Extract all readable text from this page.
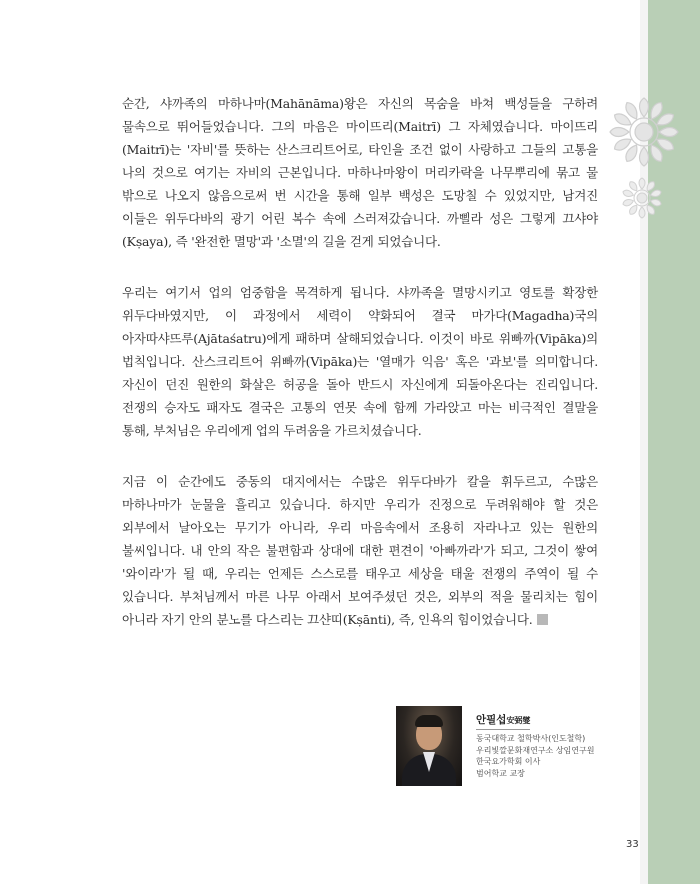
순간, 샤까족의 마하나마(Mahānāma)왕은 자신의 목숨을 바쳐 백성들을 구하려 물속으로 뛰어들었습니다. 그의 마음은 마이뜨리(Maitrī) 그 자체였습니다. 마이뜨리(Maitrī)는 '자비'를 뜻하는 산스크리트어로, 타인을 조건 없이 사랑하고 그들의 고통을 나의 것으로 여기는 자비의 근본입니다. 마하나마왕이 머리카락을 나무뿌리에 묶고 물 밖으로 나오지 않음으로써 번 시간을 통해 일부 백성은 도망칠 수 있었지만, 남겨진 이들은 위두다바의 광기 어린 복수 속에 스러져갔습니다. 까삘라 성은 그렇게 끄샤야(Kṣaya), 즉 '완전한 멸망'과 '소멸'의 길을 걷게 되었습니다.

우리는 여기서 업의 엄중함을 목격하게 됩니다. 샤까족을 멸망시키고 영토를 확장한 위두다바였지만, 이 과정에서 세력이 약화되어 결국 마가다(Magadha)국의 아자따샤뜨루(Ajātaśatru)에게 패하며 살해되었습니다. 이것이 바로 위빠까(Vipāka)의 법칙입니다. 산스크리트어 위빠까(Vipāka)는 '열매가 익음' 혹은 '과보'를 의미합니다. 자신이 던진 원한의 화살은 허공을 돌아 반드시 자신에게 되돌아온다는 진리입니다. 전쟁의 승자도 패자도 결국은 고통의 연못 속에 함께 가라앉고 마는 비극적인 결말을 통해, 부처님은 우리에게 업의 두려움을 가르치셨습니다.

지금 이 순간에도 중동의 대지에서는 수많은 위두다바가 칼을 휘두르고, 수많은 마하나마가 눈물을 흘리고 있습니다. 하지만 우리가 진정으로 두려워해야 할 것은 외부에서 날아오는 무기가 아니라, 우리 마음속에서 조용히 자라나고 있는 원한의 불씨입니다. 내 안의 작은 불편함과 상대에 대한 편견이 '아빠까라'가 되고, 그것이 쌓여 '와이라'가 될 때, 우리는 언제든 스스로를 태우고 세상을 태울 전쟁의 주역이 될 수 있습니다. 부처님께서 마른 나무 아래서 보여주셨던 것은, 외부의 적을 물리치는 힘이 아니라 자기 안의 분노를 다스리는 끄샨띠(Kṣānti), 즉, 인욕의 힘이었습니다.

안필섭安弼燮

동국대학교 철학박사(인도철학)

우리빛깔문화재연구소 상임연구원

한국요가학회 이사

범어학교 교장

33
